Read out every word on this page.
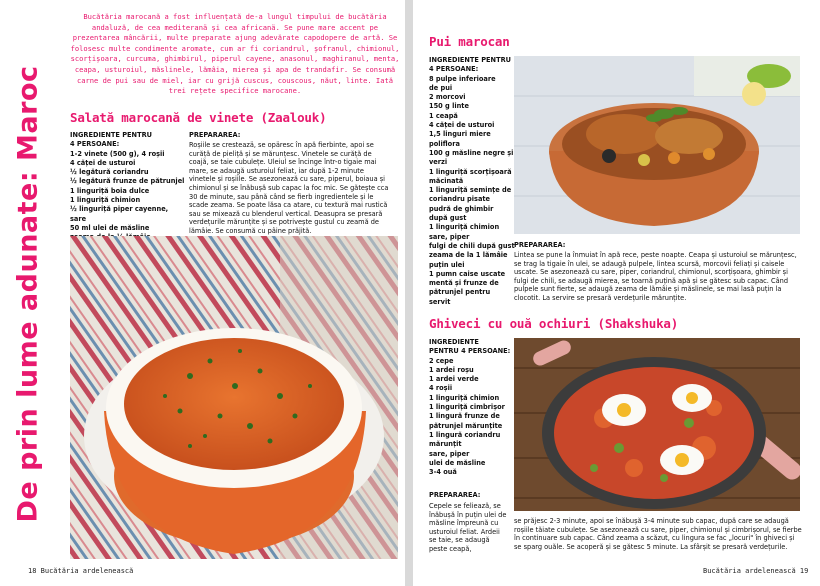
De prin lume adunate: Maroc

Bucătăria marocană a fost influențată de-a lungul timpului de bucătăria andaluză, de cea mediteranä și cea africanä. Se pune mare accent pe prezentarea mâncării, multe preparate ajung adevărate capodopere de artă. Se folosesc multe condimente aromate, cum ar fi coriandrul, șofranul, chimionul, scorțișoara, curcuma, ghimbirul, piperul cayene, anasonul, maghiranul, menta, ceapa, usturoiul, măslinele, lămâia, mierea și apa de trandafir. Se consumă carne de pui sau de miel, iar cu grijă cuscus, couscous, năut, linte. Iată trei rețete specifice marocane.

Salată marocană de vinete (Zaalouk)
INGREDIENTE PENTRU
4 PERSOANE:
1-2 vinete (500 g), 4 roșii
4 căței de usturoi
½ legătură coriandru
½ legătură frunze de pătrunjel
1 linguriță boia dulce
1 linguriță chimion
½ linguriță piper cayenne, sare
50 ml ulei de măsline
PREPARAREA:

Roșiile se cresteazä, se opäresc în apă fierbinte, apoi se curăță de pieliță și se mărunțesc. Vinetele se curăță de coajă, se taie cubulețe. Uleiul se încinge într-o tigaie mai mare, se adaugă usturoiul feliat, iar după 1-2 minute vinetele și roșiile. Se asezonează cu sare, piperul, boiaua și chimionul și se înăbușă sub capac la foc mic. Se gătește cca 30 de minute, sau până când se fierb ingredientele și le scade zeama. Se poate lăsa ca atare, cu textură mai rustică sau se mixează cu blenderul vertical. Deasupra se presară verdețurile mărunțite și se potrivește gustul cu zeamă de lămâie. Se consumă cu pâine prăjită.

18 Bucătăria ardelenească
Pui marocan
INGREDIENTE PENTRU
4 PERSOANE:
8 pulpe inferioare
de pui
2 morcovi
150 g linte
1 ceapă
4 căței de usturoi
1,5 linguri miere
poliflora
100 g măsline negre și
verzi
1 linguriță scorțișoară
măcinată
1 linguriță semințe de
coriandru pisate
pudră de ghimbir
după gust
1 linguriță chimion
sare, piper
fulgi de chili după gust
zeama de la 1 lămâie
puțin ulei
1 pumn caise uscate
mentă și frunze de
pătrunjel pentru
servit
PREPARAREA:

Lintea se pune la înmuiat în apă rece, peste noapte. Ceapa și usturoiul se mărunțesc, se trag la tigaie în ulei, se adaugă pulpele, lintea scursă, morcovii feliați și caisele uscate. Se asezonează cu sare, piper, coriandrul, chimionul, scorțișoara, ghimbir și fulgi de chili, se adaugă mierea, se toarnă puțină apă și se gătesc sub capac. Când pulpele sunt fierte, se adaugă zeama de lămâie și măslinele, se mai lasă puțin la clocotit. La servire se presară verdețurile mărunțite.

Ghiveci cu ouă ochiuri (Shakshuka)
INGREDIENTE
PENTRU 4 PERSOANE:
2 cepe
1 ardei roșu
1 ardei verde
4 roșii
1 linguriță chimion
1 linguriță cimbrișor
1 lingură frunze de
pătrunjel mărunțite
1 lingură coriandru
mărunțit
sare, piper
ulei de măsline
3-4 ouă
PREPARAREA:

Cepele se feliează, se înăbușă în puțin ulei de măsline împreună cu usturoiul feliat. Ardeii se taie, se adaugă peste ceapă,

se prăjesc 2-3 minute, apoi se înăbușă 3-4 minute sub capac, după care se adaugă roșiile tăiate cubulețe. Se asezonează cu sare, piper, chimionul și cimbrișorul, se fierbe în continuare sub capac. Când zeama a scăzut, cu lingura se fac „locuri" în ghiveci și se sparg ouăle. Se acoperă și se gătesc 5 minute. La sfârșit se presară verdețurile.

Bucătăria ardelenească 19
